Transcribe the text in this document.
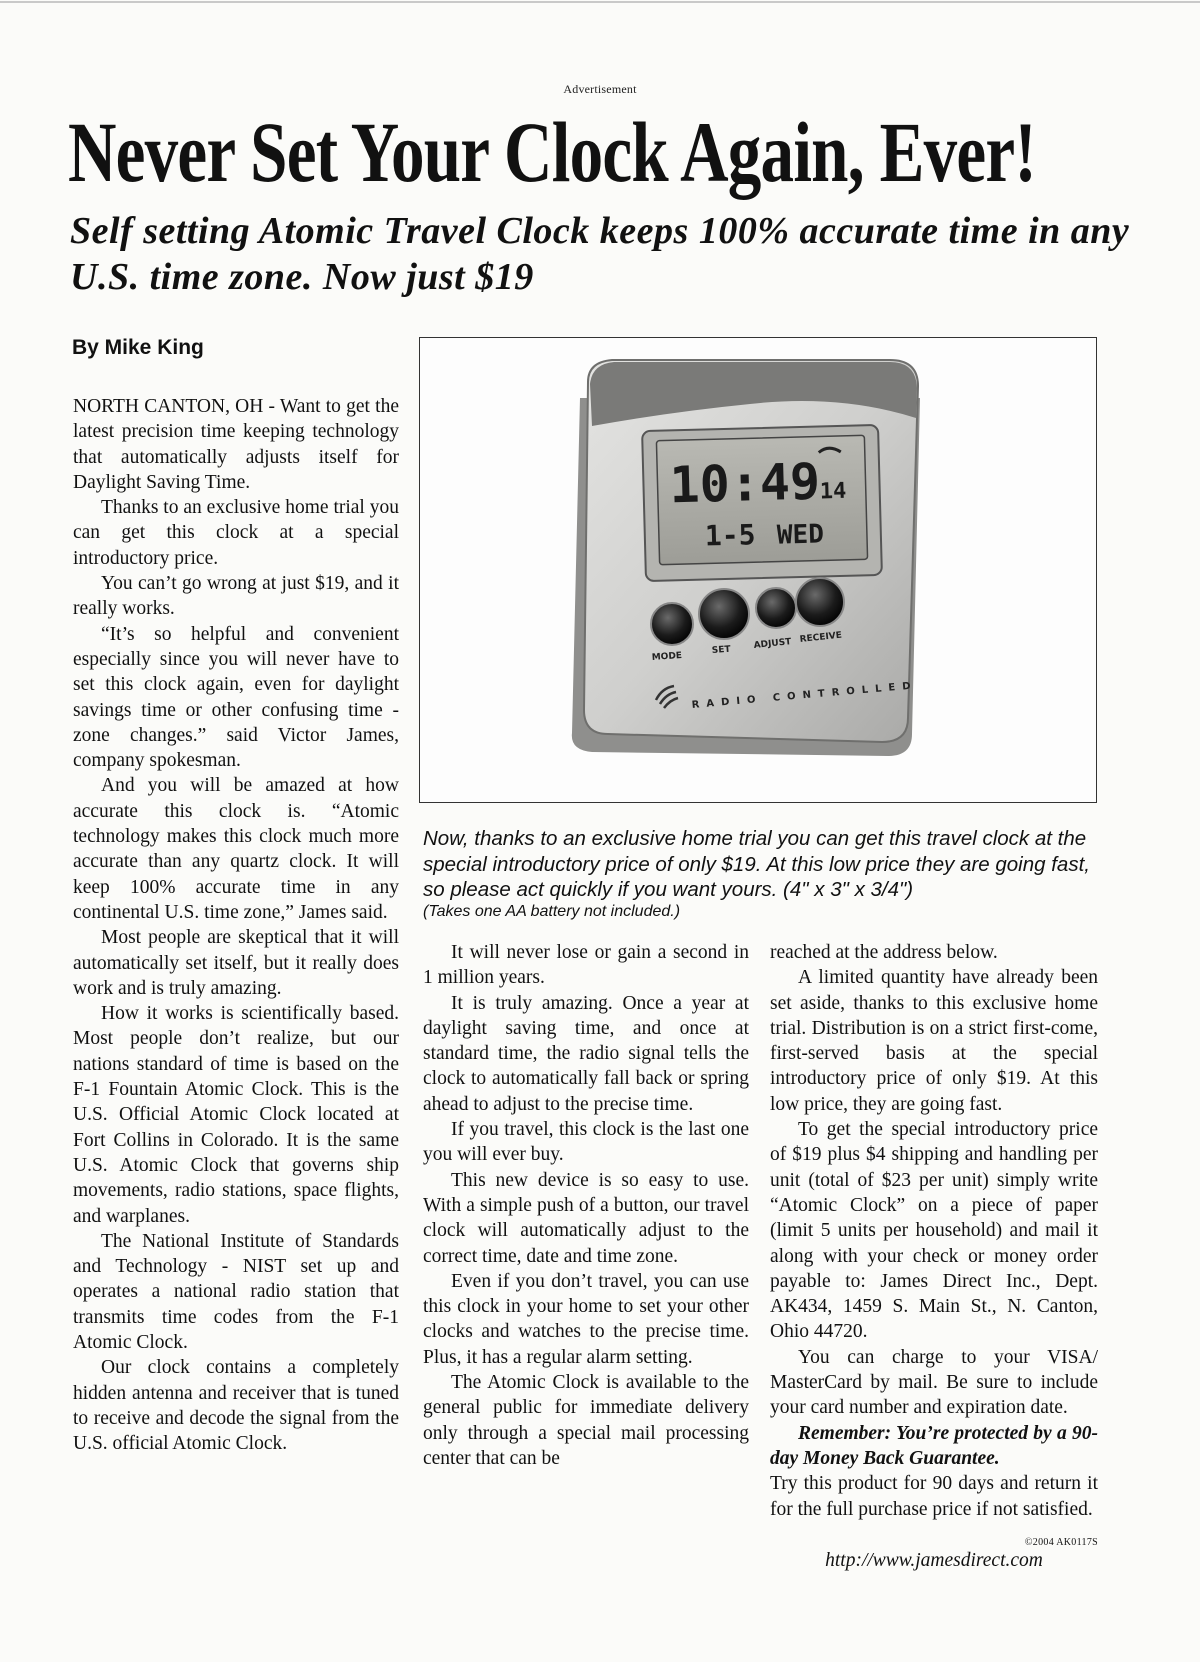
Advertisement
Never Set Your Clock Again, Ever!
Self setting Atomic Travel Clock keeps 100% accurate time in any U.S. time zone. Now just $19
By Mike King

NORTH CANTON, OH - Want to get the latest precision time keeping technology that automatically adjusts itself for Daylight Saving Time.

Thanks to an exclusive home trial you can get this clock at a special introductory price.

You can’t go wrong at just $19, and it really works.

“It’s so helpful and convenient especially since you will never have to set this clock again, even for daylight savings time or other confusing time - zone changes.” said Victor James, company spokesman.

And you will be amazed at how accurate this clock is. “Atomic technology makes this clock much more accurate than any quartz clock. It will keep 100% accurate time in any continental U.S. time zone,” James said.

Most people are skeptical that it will automatically set itself, but it really does work and is truly amazing.

How it works is scientifically based. Most people don’t realize, but our nations standard of time is based on the F-1 Fountain Atomic Clock. This is the U.S. Official Atomic Clock located at Fort Collins in Colorado. It is the same U.S. Atomic Clock that governs ship movements, radio stations, space flights, and warplanes.

The National Institute of Standards and Technology - NIST set up and operates a national radio station that transmits time codes from the F-1 Atomic Clock.

Our clock contains a completely hidden antenna and receiver that is tuned to receive and decode the signal from the U.S. official Atomic Clock.

10:49
14
1-5 WED
MODE
SET ADJUST RECEIVE
RADIO CONTROLLED
Now, thanks to an exclusive home trial you can get this travel clock at the special introductory price of only $19. At this low price they are going fast, so please act quickly if you want yours. (4" x 3" x 3/4")
(Takes one AA battery not included.)

It will never lose or gain a second in 1 million years.

It is truly amazing. Once a year at daylight saving time, and once at standard time, the radio signal tells the clock to automatically fall back or spring ahead to adjust to the precise time.

If you travel, this clock is the last one you will ever buy.

This new device is so easy to use. With a simple push of a button, our travel clock will automatically adjust to the correct time, date and time zone.

Even if you don’t travel, you can use this clock in your home to set your other clocks and watches to the precise time. Plus, it has a regular alarm setting.

The Atomic Clock is available to the general public for immediate delivery only through a special mail processing center that can be

reached at the address below.

A limited quantity have already been set aside, thanks to this exclusive home trial. Distribution is on a strict first-come, first-served basis at the special introductory price of only $19. At this low price, they are going fast.

To get the special introductory price of $19 plus $4 shipping and handling per unit (total of $23 per unit) simply write “Atomic Clock” on a piece of paper (limit 5 units per household) and mail it along with your check or money order payable to: James Direct Inc., Dept. AK434, 1459 S. Main St., N. Canton, Ohio 44720.

You can charge to your VISA/ MasterCard by mail. Be sure to include your card number and expiration date.

Remember: You’re protected by a 90-day Money Back Guarantee.

Try this product for 90 days and return it for the full purchase price if not satisfied.
©2004 AK0117S

http://www.jamesdirect.com
